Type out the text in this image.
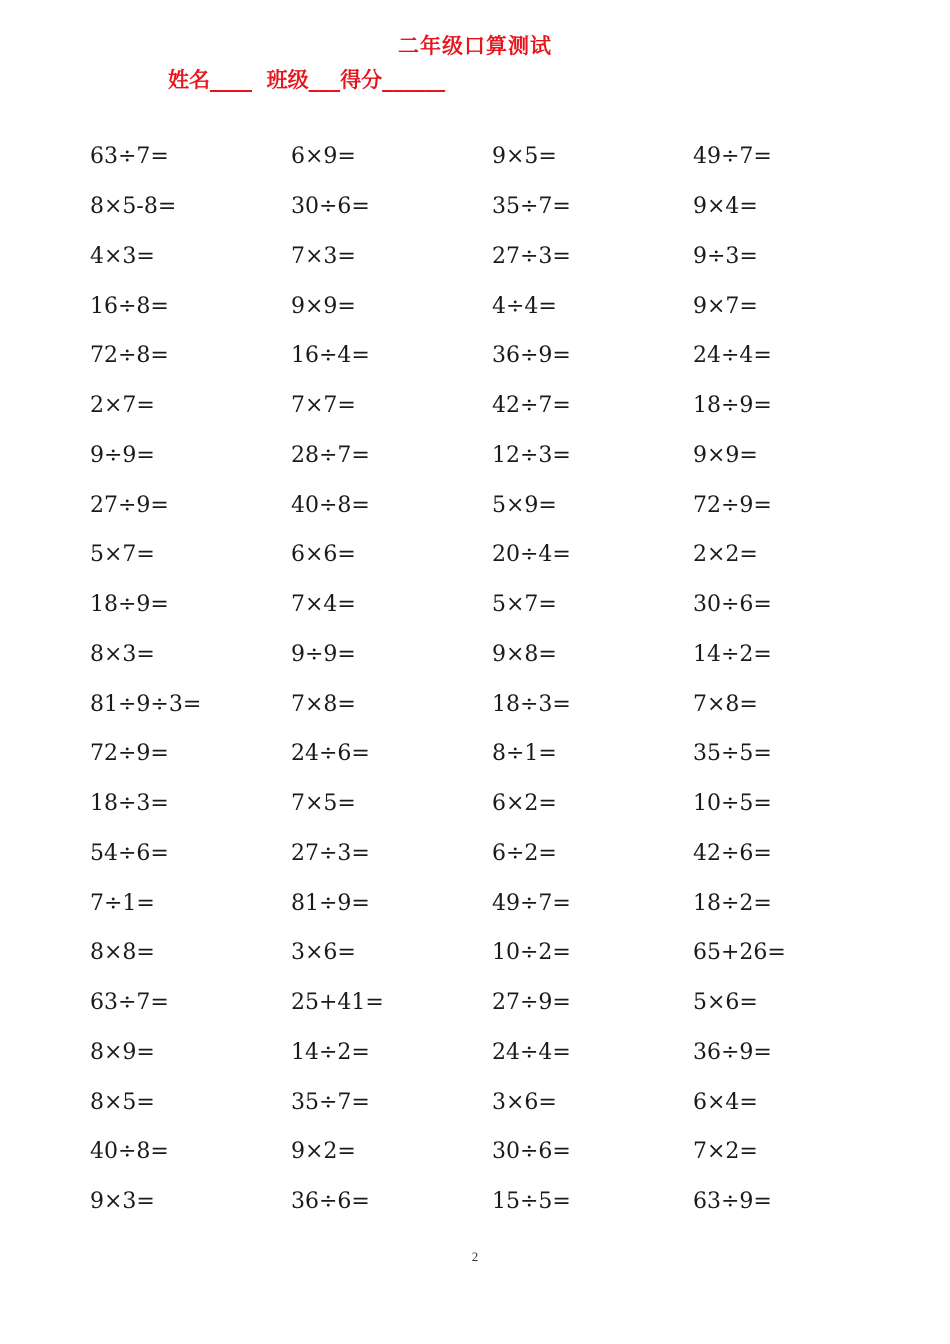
二年级口算测试
姓名____  班级___得分______
63÷7=	6×9=	9×5=	49÷7=
8×5-8=	30÷6=	35÷7=	9×4=
4×3=	7×3=	27÷3=	9÷3=
16÷8=	9×9=	4÷4=	9×7=
72÷8=	16÷4=	36÷9=	24÷4=
2×7=	7×7=	42÷7=	18÷9=
9÷9=	28÷7=	12÷3=	9×9=
27÷9=	40÷8=	5×9=	72÷9=
5×7=	6×6=	20÷4=	2×2=
18÷9=	7×4=	5×7=	30÷6=
8×3=	9÷9=	9×8=	14÷2=
81÷9÷3=	7×8=	18÷3=	7×8=
72÷9=	24÷6=	8÷1=	35÷5=
18÷3=	7×5=	6×2=	10÷5=
54÷6=	27÷3=	6÷2=	42÷6=
7÷1=	81÷9=	49÷7=	18÷2=
8×8=	3×6=	10÷2=	65+26=
63÷7=	25+41=	27÷9=	5×6=
8×9=	14÷2=	24÷4=	36÷9=
8×5=	35÷7=	3×6=	6×4=
40÷8=	9×2=	30÷6=	7×2=
9×3=	36÷6=	15÷5=	63÷9=
2
